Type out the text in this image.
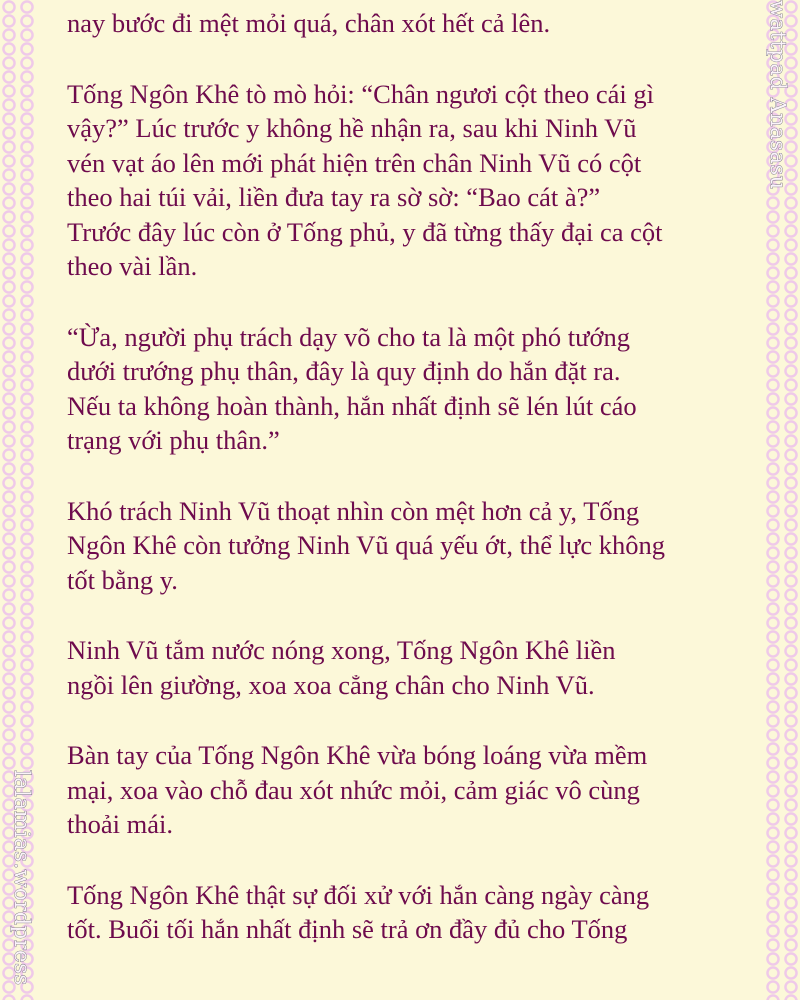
wattpad Anasasu
lalamias.wordpress

nay bước đi mệt mỏi quá, chân xót hết cả lên.

Tống Ngôn Khê tò mò hỏi: “Chân ngươi cột theo cái gì
vậy?” Lúc trước y không hề nhận ra, sau khi Ninh Vũ
vén vạt áo lên mới phát hiện trên chân Ninh Vũ có cột
theo hai túi vải, liền đưa tay ra sờ sờ: “Bao cát à?”
Trước đây lúc còn ở Tống phủ, y đã từng thấy đại ca cột
theo vài lần.

“Ừa, người phụ trách dạy võ cho ta là một phó tướng
dưới trướng phụ thân, đây là quy định do hắn đặt ra.
Nếu ta không hoàn thành, hắn nhất định sẽ lén lút cáo
trạng với phụ thân.”

Khó trách Ninh Vũ thoạt nhìn còn mệt hơn cả y, Tống
Ngôn Khê còn tưởng Ninh Vũ quá yếu ớt, thể lực không
tốt bằng y.

Ninh Vũ tắm nước nóng xong, Tống Ngôn Khê liền
ngồi lên giường, xoa xoa cẳng chân cho Ninh Vũ.

Bàn tay của Tống Ngôn Khê vừa bóng loáng vừa mềm
mại, xoa vào chỗ đau xót nhức mỏi, cảm giác vô cùng
thoải mái.

Tống Ngôn Khê thật sự đối xử với hắn càng ngày càng
tốt. Buổi tối hắn nhất định sẽ trả ơn đầy đủ cho Tống
